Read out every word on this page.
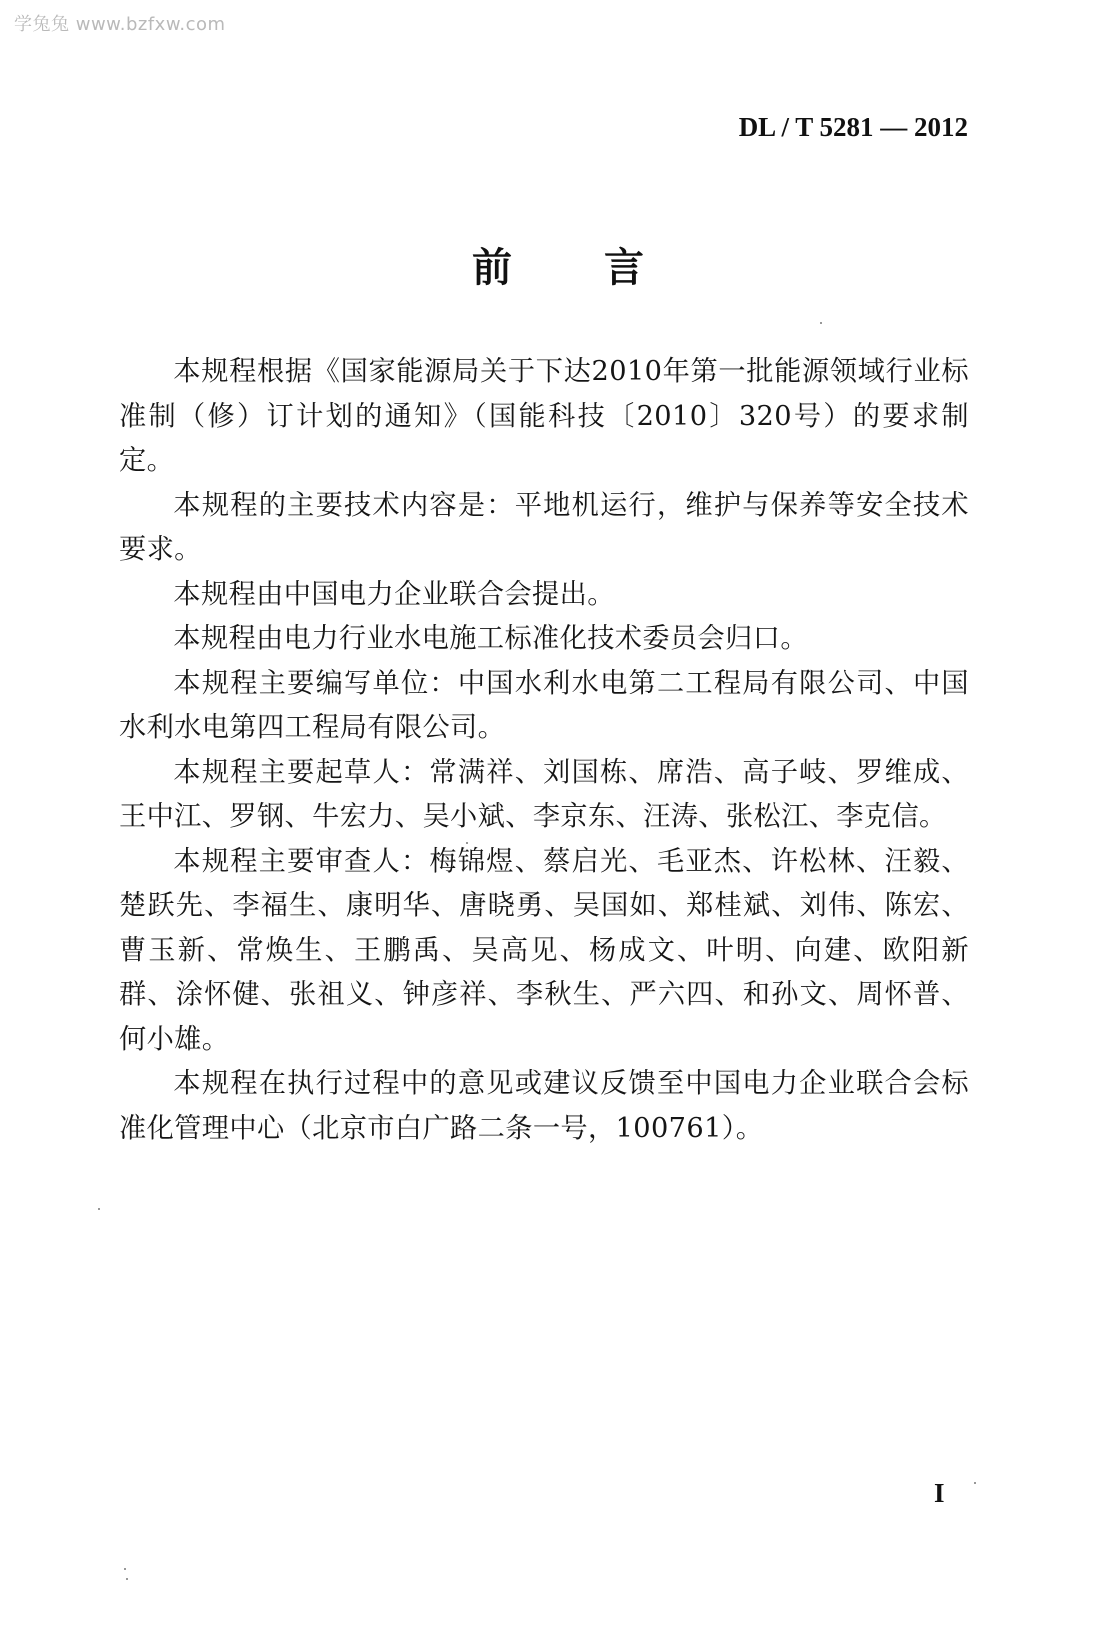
学兔兔 www.bzfxw.com
DL / T 5281 — 2012
前言

本规程根据《国家能源局关于下达2010年第一批能源领域行业标准制（修）订计划的通知》（国能科技〔2010〕320号）的要求制定。

本规程的主要技术内容是：平地机运行，维护与保养等安全技术要求。

本规程由中国电力企业联合会提出。

本规程由电力行业水电施工标准化技术委员会归口。

本规程主要编写单位：中国水利水电第二工程局有限公司、中国水利水电第四工程局有限公司。

本规程主要起草人：常满祥、刘国栋、席浩、高子岐、罗维成、王中江、罗钢、牛宏力、吴小斌、李京东、汪涛、张松江、李克信。

本规程主要审查人：梅锦煜、蔡启光、毛亚杰、许松林、汪毅、楚跃先、李福生、康明华、唐晓勇、吴国如、郑桂斌、刘伟、陈宏、曹玉新、常焕生、王鹏禹、吴高见、杨成文、叶明、向建、欧阳新群、涂怀健、张祖义、钟彦祥、李秋生、严六四、和孙文、周怀普、何小雄。

本规程在执行过程中的意见或建议反馈至中国电力企业联合会标准化管理中心（北京市白广路二条一号，100761）。

I
